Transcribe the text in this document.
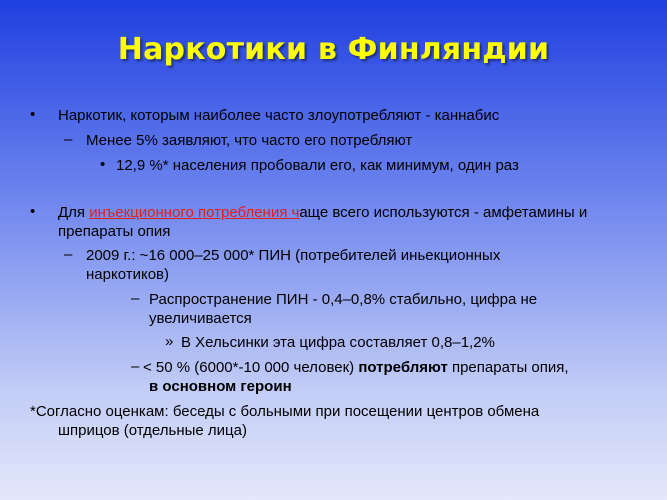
Наркотики в Финляндии
• Наркотик, которым наиболее часто злоупотребляют - каннабис
– Менее 5% заявляют, что часто его потребляют
• 12,9 %* населения пробовали его, как минимум, один раз
• Для инъекционного потребления чаще всего используются - амфетамины и
препараты опия
– 2009 г.: ~16 000–25 000* ПИН (потребителей иньекционных
наркотиков)
– Распространение ПИН - 0,4–0,8% стабильно, цифра не
увеличивается
» В Хельсинки эта цифра составляет 0,8–1,2%
– < 50 % (6000*-10 000 человек) потребляют препараты опия,
в основном героин
*Согласно оценкам: беседы с больными при посещении центров обмена
шприцов (отдельные лица)
